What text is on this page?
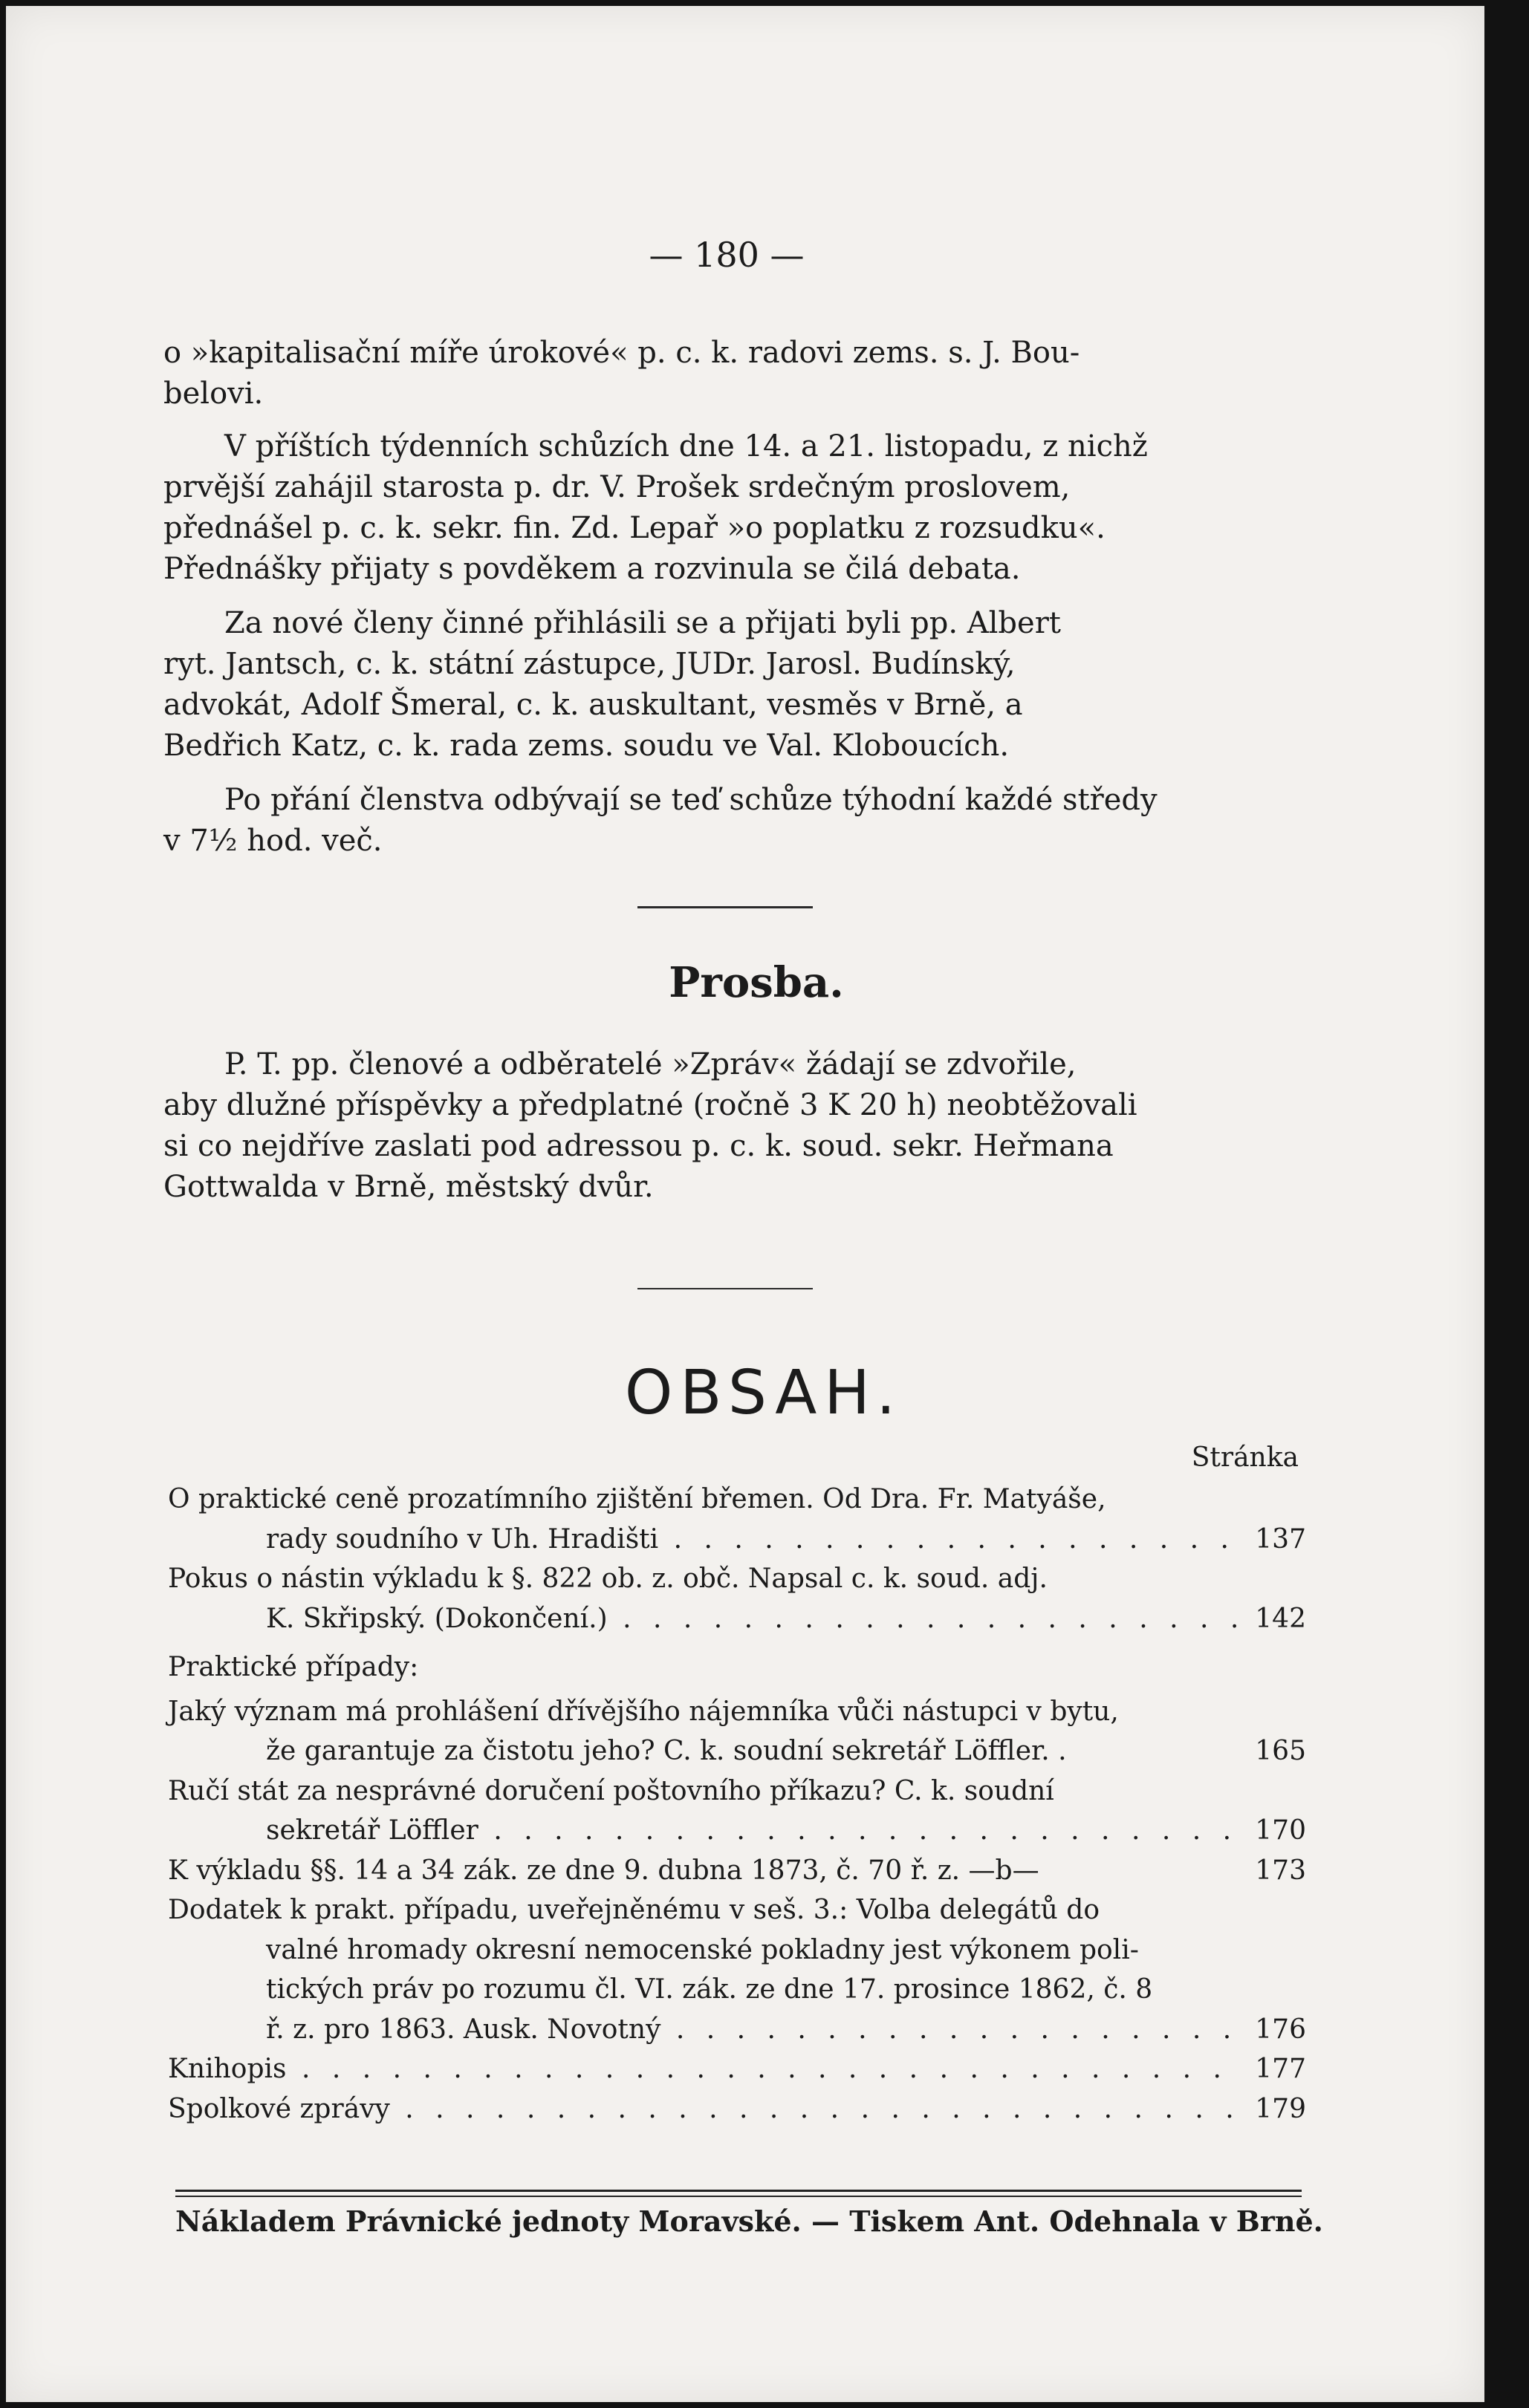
— 180 —

o »kapitalisační míře úrokové« p. c. k. radovi zems. s. J. Bou-

belovi.

V příštích týdenních schůzích dne 14. a 21. listopadu, z nichž

prvější zahájil starosta p. dr. V. Prošek srdečným proslovem,

přednášel p. c. k. sekr. fin. Zd. Lepař »o poplatku z rozsudku«.

Přednášky přijaty s povděkem a rozvinula se čilá debata.

Za nové členy činné přihlásili se a přijati byli pp. Albert

ryt. Jantsch, c. k. státní zástupce, JUDr. Jarosl. Budínský,

advokát, Adolf Šmeral, c. k. auskultant, vesměs v Brně, a

Bedřich Katz, c. k. rada zems. soudu ve Val. Kloboucích.

Po přání členstva odbývají se teď schůze týhodní každé středy

v 7½ hod. več.

Prosba.

P. T. pp. členové a odběratelé »Zpráv« žádají se zdvořile,

aby dlužné příspěvky a předplatné (ročně 3 K 20 h) neobtěžovali

si co nejdříve zaslati pod adressou p. c. k. soud. sekr. Heřmana

Gottwalda v Brně, městský dvůr.

OBSAH.
Stránka
O praktické ceně prozatímního zjištění břemen. Od Dra. Fr. Matyáše,
rady soudního v Uh. Hradišti . . .	137
Pokus o nástin výkladu k §. 822 ob. z. obč. Napsal c. k. soud. adj.
K. Skřipský. (Dokončení.) . . .	142
Praktické případy:
Jaký význam má prohlášení dřívějšího nájemníka vůči nástupci v bytu,
že garantuje za čistotu jeho? C. k. soudní sekretář Löffler. .	165
Ručí stát za nesprávné doručení poštovního příkazu? C. k. soudní
sekretář Löffler . . .	170
K výkladu §§. 14 a 34 zák. ze dne 9. dubna 1873, č. 70 ř. z. —b—	173
Dodatek k prakt. případu, uveřejněnému v seš. 3.: Volba delegátů do
valné hromady okresní nemocenské pokladny jest výkonem poli-
tických práv po rozumu čl. VI. zák. ze dne 17. prosince 1862, č. 8
ř. z. pro 1863. Ausk. Novotný . . .	176
Knihopis . . .	177
Spolkové zprávy . . .	179
Nákladem Právnické jednoty Moravské. — Tiskem Ant. Odehnala v Brně.
